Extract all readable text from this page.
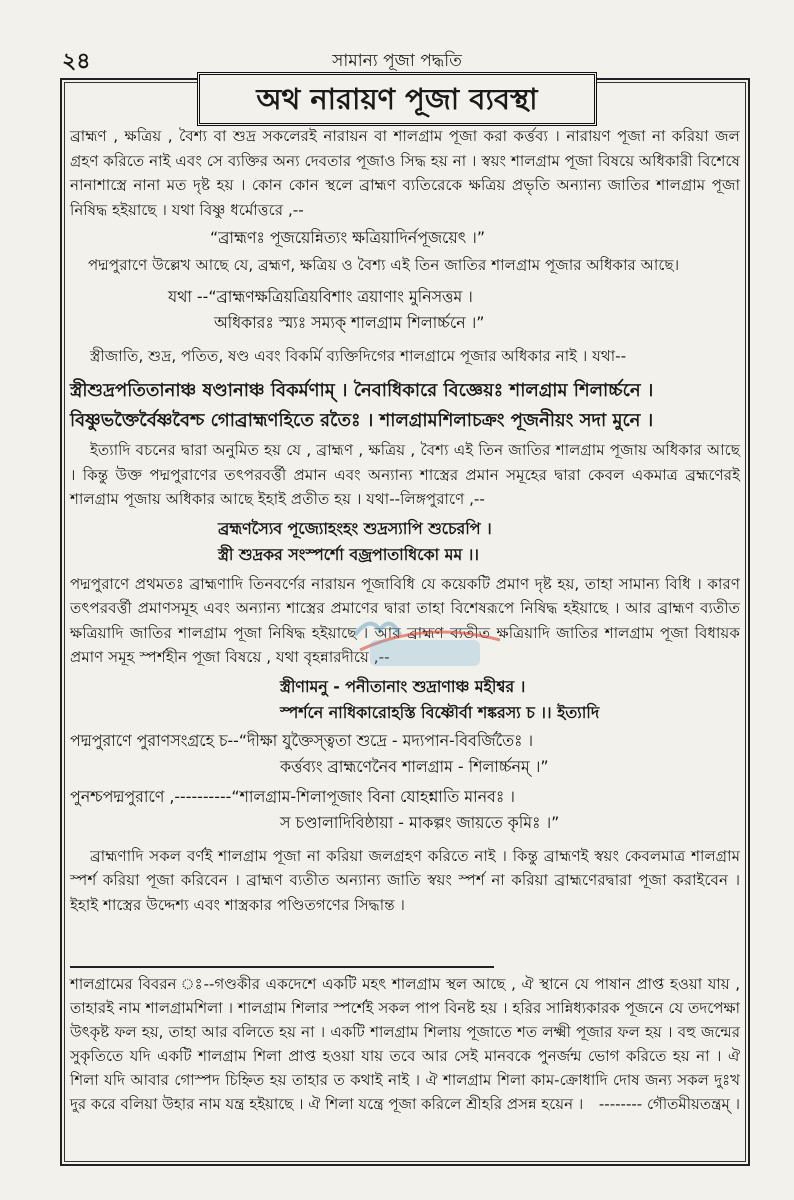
২৪	সামান্য পূজা পদ্ধতি
অথ নারায়ণ পূজা ব্যবস্থা
ব্রাহ্মণ , ক্ষত্রিয় , বৈশ্য বা শুদ্র সকলেরই নারায়ন বা শালগ্রাম পূজা করা কর্ত্তব্য । নারায়ণ পূজা না করিয়া জল গ্রহণ করিতে নাই এবং সে ব্যক্তির অন্য দেবতার পূজাও সিদ্ধ হয় না । স্বয়ং শালগ্রাম পূজা বিষয়ে অধিকারী বিশেষে নানাশাস্ত্রে নানা মত দৃষ্ট হয় । কোন কোন স্থলে ব্রাহ্মণ ব্যতিরেকে ক্ষত্রিয় প্রভৃতি অন্যান্য জাতির শালগ্রাম পূজা নিষিদ্ধ হইয়াছে । যথা বিষ্ণু ধর্মোত্তরে ,--
“ব্রাহ্মণঃ পূজয়েন্নিত্যং ক্ষত্রিয়াদির্নপূজয়েৎ ।”
পদ্মপুরাণে উল্লেখ আছে যে, ব্রহ্মণ, ক্ষত্রিয় ও বৈশ্য এই তিন জাতির শালগ্রাম পূজার অধিকার আছে।
যথা --“ব্রাহ্মণক্ষত্রিয়ত্রিয়বিশাং ত্রয়াণাং মুনিসত্তম ।
অধিকারঃ স্ম্যঃ সম্যক্ শালগ্রাম শিলার্চ্চনে ।”
স্ত্রীজাতি, শুদ্র, পতিত, ষণ্ড এবং বিকর্মি ব্যক্তিদিগের শালগ্রামে পূজার অধিকার নাই । যথা--
স্ত্রীশুদ্রপতিতানাঞ্চ ষণ্ডানাঞ্চ বিকর্মণাম্ । নৈবাধিকারে বিজ্ঞেয়ঃ শালগ্রাম শিলার্চ্চনে ।
বিষ্ণুভক্তৈর্বৈষ্ণবৈশ্চ গোব্রাহ্মণহিতে রতৈঃ । শালগ্রামশিলাচক্রং পূজনীয়ং সদা মুনে ।
ইত্যাদি বচনের দ্বারা অনুমিত হয় যে , ব্রাহ্মণ , ক্ষত্রিয় , বৈশ্য এই তিন জাতির শালগ্রাম পূজায় অধিকার আছে । কিন্তু উক্ত পদ্মপুরাণের তৎপরবর্ত্তী প্রমান এবং অন্যান্য শাস্ত্রের প্রমান সমূহের দ্বারা কেবল একমাত্র ব্রহ্মণেরই শালগ্রাম পূজায় অধিকার আছে ইহাই প্রতীত হয় । যথা--লিঙ্গপুরাণে ,--
ব্রহ্মণস্যৈব পূজ্যোহংহং শুদ্রস্যাপি শুচেরপি ।
স্ত্রী শুদ্রকর সংস্পর্শো বজ্রপাতাধিকো মম ।।
পদ্মপুরাণে প্রথমতঃ ব্রাহ্মণাদি তিনবর্ণের নারায়ন পূজাবিধি যে কয়েকটি প্রমাণ দৃষ্ট হয়, তাহা সামান্য বিধি । কারণ তৎপরবর্ত্তী প্রমাণসমূহ এবং অন্যান্য শাস্ত্রের প্রমাণের দ্বারা তাহা বিশেষরূপে নিষিদ্ধ হইয়াছে । আর ব্রাহ্মণ ব্যতীত ক্ষত্রিয়াদি জাতির শালগ্রাম পূজা নিষিদ্ধ হইয়াছে । আর ব্রাহ্মণ ব্যতীত ক্ষত্রিয়াদি জাতির শালগ্রাম পূজা বিধায়ক প্রমাণ সমূহ স্পর্শহীন পূজা বিষয়ে , যথা বৃহন্নারদীয়ে ,--
স্ত্রীণামনু - পনীতানাং শুদ্রাণাঞ্চ মহীশ্বর ।
স্পর্শনে নাধিকারোহস্তি বিষ্ণৌর্বা শঙ্করস্য চ ।। ইত্যাদি
পদ্মপুরাণে পুরাণসংগ্রহে চ--“দীক্ষা যুক্তৈস্ত্বতা শুদ্রে - মদ্যপান-বিবর্জিতৈঃ ।
কর্ত্তব্যং ব্রাহ্মণেনৈব শালগ্রাম - শিলার্চ্চনম্ ।”
পুনশ্চপদ্মপুরাণে ,----------“শালগ্রাম-শিলাপূজাং বিনা যোহশ্নাতি মানবঃ ।
স চণ্ডালাদিবিষ্ঠায়া - মাকল্পং জায়তে কৃমিঃ ।”
ব্রাহ্মণাদি সকল বর্ণই শালগ্রাম পূজা না করিয়া জলগ্রহণ করিতে নাই । কিন্তু ব্রাহ্মণই স্বয়ং কেবলমাত্র শালগ্রাম স্পর্শ করিয়া পূজা করিবেন । ব্রাহ্মণ ব্যতীত অন্যান্য জাতি স্বয়ং স্পর্শ না করিয়া ব্রাহ্মণেরদ্বারা পূজা করাইবেন । ইহাই শাস্ত্রের উদ্দেশ্য এবং শাস্ত্রকার পণ্ডিতগণের সিদ্ধান্ত ।
শালগ্রামের বিবরন ঃ--গণ্ডকীর একদেশে একটি মহৎ শালগ্রাম স্থল আছে , ঐ স্থানে যে পাষান প্রাপ্ত হওয়া যায় , তাহারই নাম শালগ্রামশিলা । শালগ্রাম শিলার স্পর্শেই সকল পাপ বিনষ্ট হয় । হরির সান্নিধ্যকারক পূজনে যে তদপেক্ষা উৎকৃষ্ট ফল হয়, তাহা আর বলিতে হয় না । একটি শালগ্রাম শিলায় পূজাতে শত লক্ষ্মী পূজার ফল হয় । বহু জন্মের সুকৃতিতে যদি একটি শালগ্রাম শিলা প্রাপ্ত হওয়া যায় তবে আর সেই মানবকে পুনর্জন্ম ভোগ করিতে হয় না । ঐ শিলা যদি আবার গোস্পদ চিহ্নিত হয় তাহার ত কথাই নাই । ঐ শালগ্রাম শিলা কাম-ক্রোধাদি দোষ জন্য সকল দুঃখ দুর করে বলিয়া উহার নাম যন্ত্র হইয়াছে । ঐ শিলা যন্ত্রে পূজা করিলে শ্রীহরি প্রসন্ন হয়েন । -------- গৌতমীয়তন্ত্রম্ ।
